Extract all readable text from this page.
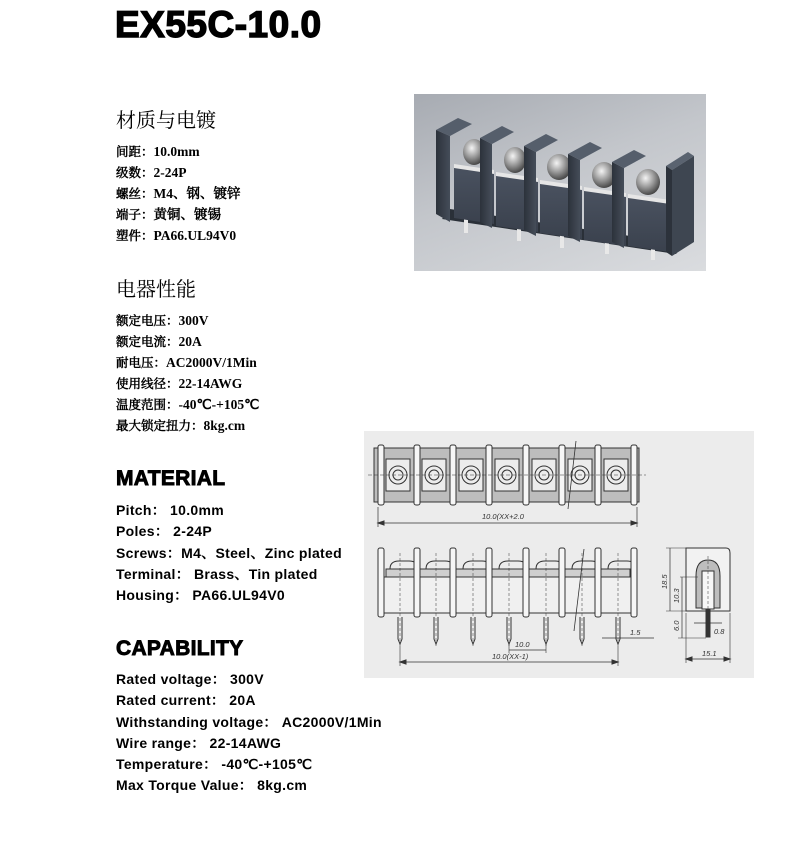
EX55C-10.0
材质与电镀
间距：10.0mm
级数：2-24P
螺丝：M4、钢、镀锌
端子：黄铜、镀锡
塑件：PA66.UL94V0
电器性能
额定电压：300V
额定电流：20A
耐电压：AC2000V/1Min
使用线径：22-14AWG
温度范围：-40℃-+105℃
最大锁定扭力：8kg.cm
MATERIAL
Pitch： 10.0mm
Poles： 2-24P
Screws：M4、Steel、Zinc plated
Terminal： Brass、Tin plated
Housing： PA66.UL94V0
CAPABILITY
Rated voltage： 300V
Rated current： 20A
Withstanding voltage： AC2000V/1Min
Wire range： 22-14AWG
Temperature： -40℃-+105℃
Max Torque Value： 8kg.cm
10.0(XX+2.0
10.0
1.5
10.0(XX-1)	15.1
0.8
18.5
10.3
6.0
